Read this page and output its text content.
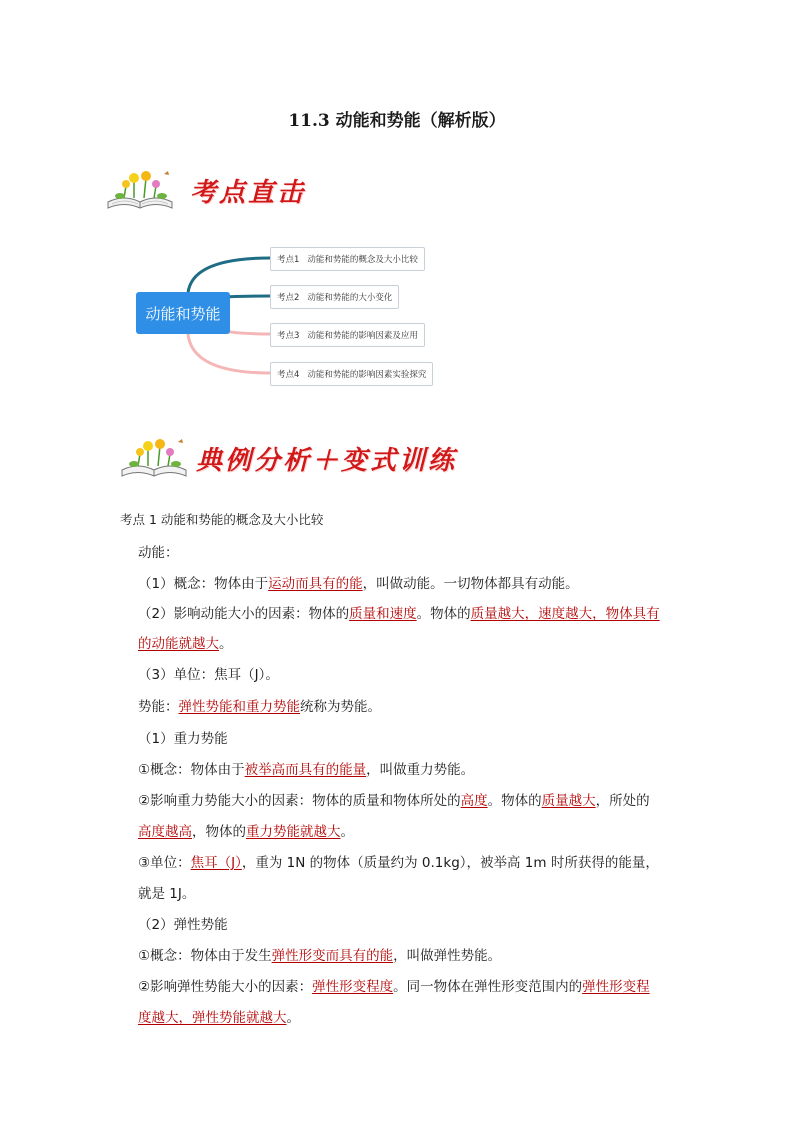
11.3 动能和势能（解析版）
考点直击
动能和势能
考点1 动能和势能的概念及大小比较
考点2 动能和势能的大小变化
考点3 动能和势能的影响因素及应用
考点4 动能和势能的影响因素实验探究
典例分析＋变式训练
考点 1 动能和势能的概念及大小比较
动能：
（1）概念：物体由于运动而具有的能，叫做动能。一切物体都具有动能。
（2）影响动能大小的因素：物体的质量和速度。物体的质量越大，速度越大，物体具有
的动能就越大。
（3）单位：焦耳（J）。
势能：弹性势能和重力势能统称为势能。
（1）重力势能
①概念：物体由于被举高而具有的能量，叫做重力势能。
②影响重力势能大小的因素：物体的质量和物体所处的高度。物体的质量越大，所处的
高度越高，物体的重力势能就越大。
③单位：焦耳（J），重为 1N 的物体（质量约为 0.1kg），被举高 1m 时所获得的能量，
就是 1J。
（2）弹性势能
①概念：物体由于发生弹性形变而具有的能，叫做弹性势能。
②影响弹性势能大小的因素：弹性形变程度。同一物体在弹性形变范围内的弹性形变程
度越大，弹性势能就越大。
